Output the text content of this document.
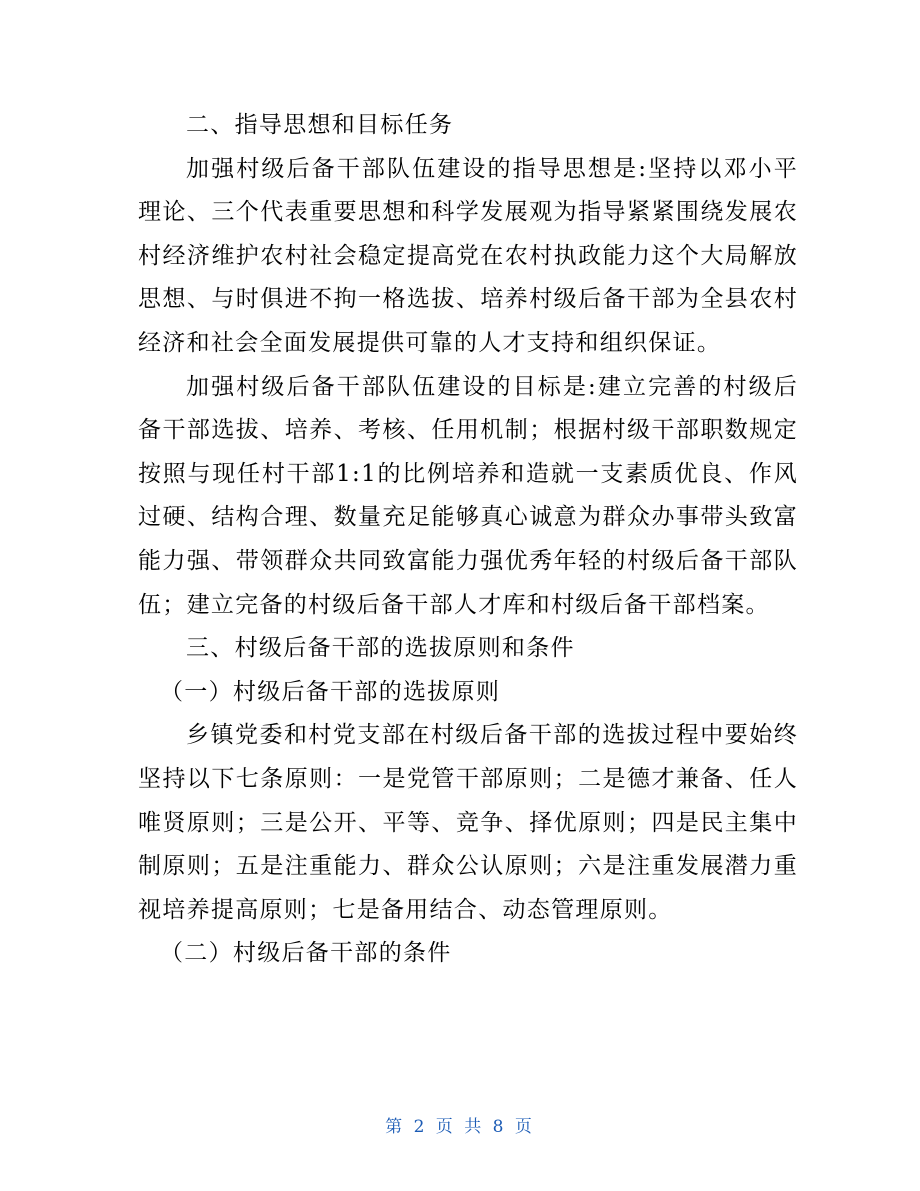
二、指导思想和目标任务

加强村级后备干部队伍建设的指导思想是:坚持以邓小平理论、三个代表重要思想和科学发展观为指导紧紧围绕发展农村经济维护农村社会稳定提高党在农村执政能力这个大局解放思想、与时俱进不拘一格选拔、培养村级后备干部为全县农村经济和社会全面发展提供可靠的人才支持和组织保证。

加强村级后备干部队伍建设的目标是:建立完善的村级后备干部选拔、培养、考核、任用机制；根据村级干部职数规定按照与现任村干部1:1的比例培养和造就一支素质优良、作风过硬、结构合理、数量充足能够真心诚意为群众办事带头致富能力强、带领群众共同致富能力强优秀年轻的村级后备干部队伍；建立完备的村级后备干部人才库和村级后备干部档案。

三、村级后备干部的选拔原则和条件

（一）村级后备干部的选拔原则

乡镇党委和村党支部在村级后备干部的选拔过程中要始终坚持以下七条原则：一是党管干部原则；二是德才兼备、任人唯贤原则；三是公开、平等、竞争、择优原则；四是民主集中制原则；五是注重能力、群众公认原则；六是注重发展潜力重视培养提高原则；七是备用结合、动态管理原则。

（二）村级后备干部的条件

第 2 页 共 8 页
